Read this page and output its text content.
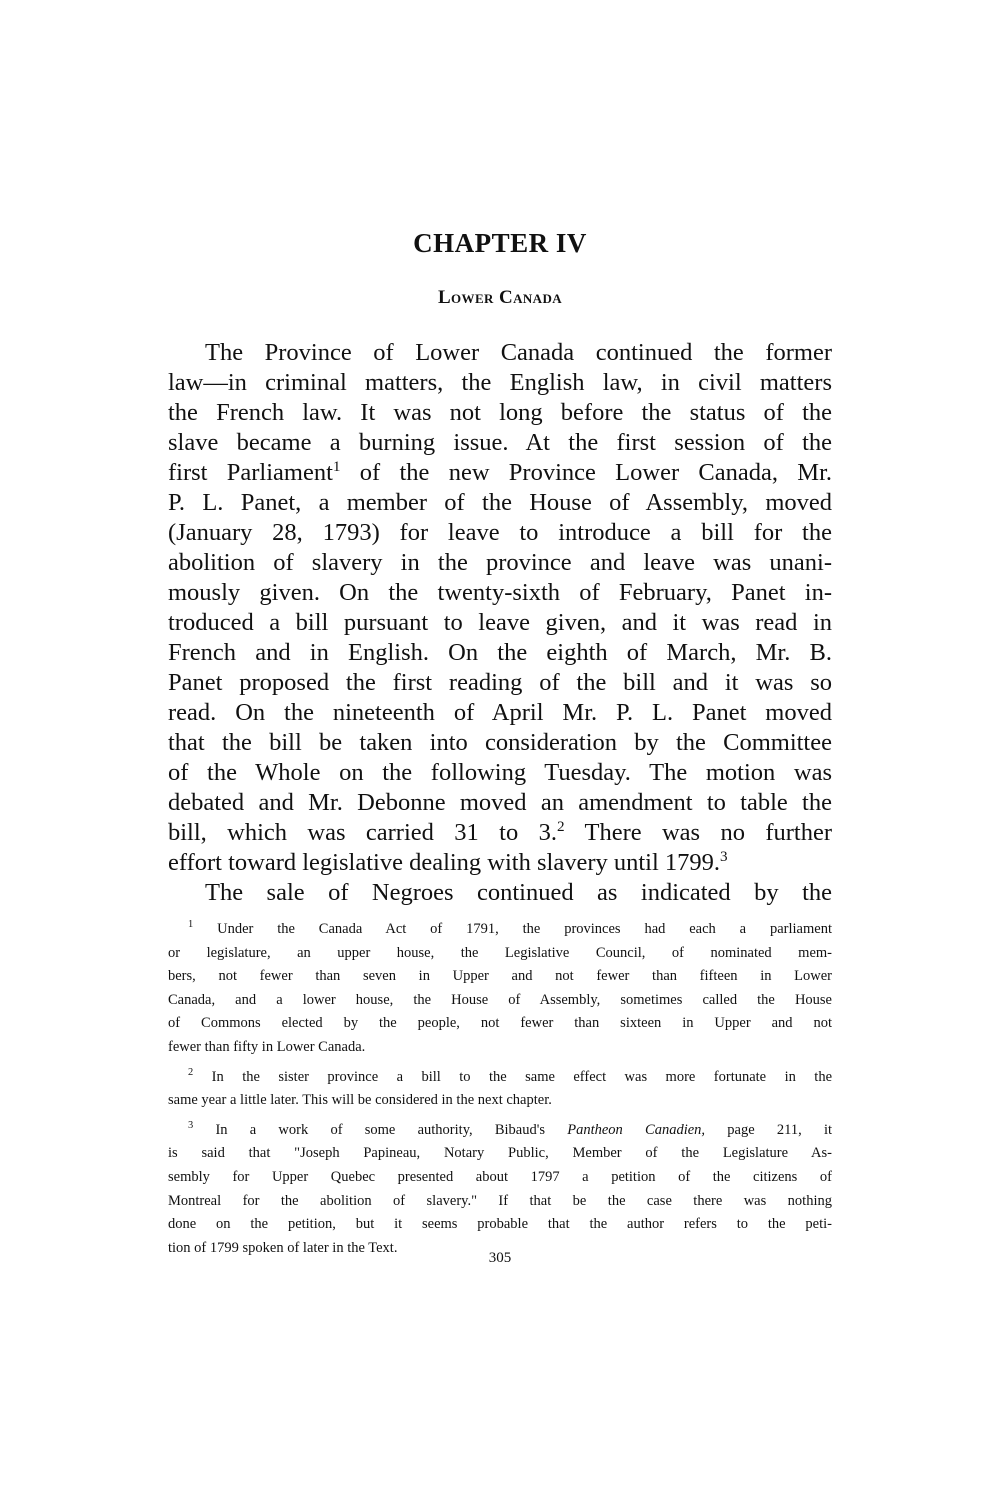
CHAPTER IV
Lower Canada
The Province of Lower Canada continued the former
law—in criminal matters, the English law, in civil matters
the French law. It was not long before the status of the
slave became a burning issue. At the first session of the
first Parliament$^1$ of the new Province Lower Canada, Mr.
P. L. Panet, a member of the House of Assembly, moved
(January 28, 1793) for leave to introduce a bill for the
abolition of slavery in the province and leave was unani-
mously given. On the twenty-sixth of February, Panet in-
troduced a bill pursuant to leave given, and it was read in
French and in English. On the eighth of March, Mr. B.
Panet proposed the first reading of the bill and it was so
read. On the nineteenth of April Mr. P. L. Panet moved
that the bill be taken into consideration by the Committee
of the Whole on the following Tuesday. The motion was
debated and Mr. Debonne moved an amendment to table the
bill, which was carried 31 to 3.$^2$ There was no further
effort toward legislative dealing with slavery until 1799.$^3$
The sale of Negroes continued as indicated by the
$^1$ Under the Canada Act of 1791, the provinces had each a parliament
or legislature, an upper house, the Legislative Council, of nominated mem-
bers, not fewer than seven in Upper and not fewer than fifteen in Lower
Canada, and a lower house, the House of Assembly, sometimes called the House
of Commons elected by the people, not fewer than sixteen in Upper and not
fewer than fifty in Lower Canada.
$^2$ In the sister province a bill to the same effect was more fortunate in the
same year a little later. This will be considered in the next chapter.
$^3$ In a work of some authority, Bibaud's Pantheon Canadien, page 211, it
is said that "Joseph Papineau, Notary Public, Member of the Legislature As-
sembly for Upper Quebec presented about 1797 a petition of the citizens of
Montreal for the abolition of slavery." If that be the case there was nothing
done on the petition, but it seems probable that the author refers to the peti-
tion of 1799 spoken of later in the Text.
305
